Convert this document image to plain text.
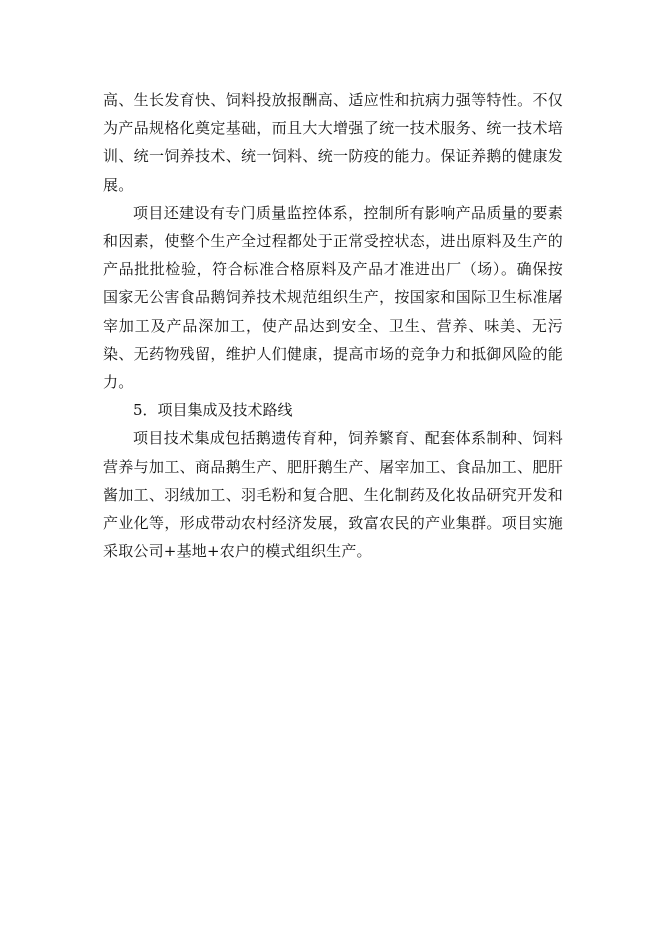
高、生长发育快、饲料投放报酬高、适应性和抗病力强等特性。不仅为产品规格化奠定基础，而且大大增强了统一技术服务、统一技术培训、统一饲养技术、统一饲料、统一防疫的能力。保证养鹅的健康发展。

项目还建设有专门质量监控体系，控制所有影响产品质量的要素和因素，使整个生产全过程都处于正常受控状态，进出原料及生产的产品批批检验，符合标准合格原料及产品才准进出厂（场）。确保按国家无公害食品鹅饲养技术规范组织生产，按国家和国际卫生标准屠宰加工及产品深加工，使产品达到安全、卫生、营养、味美、无污染、无药物残留，维护人们健康，提高市场的竞争力和抵御风险的能力。

5．项目集成及技术路线

项目技术集成包括鹅遗传育种，饲养繁育、配套体系制种、饲料营养与加工、商品鹅生产、肥肝鹅生产、屠宰加工、食品加工、肥肝酱加工、羽绒加工、羽毛粉和复合肥、生化制药及化妆品研究开发和产业化等，形成带动农村经济发展，致富农民的产业集群。项目实施采取公司+基地+农户的模式组织生产。
